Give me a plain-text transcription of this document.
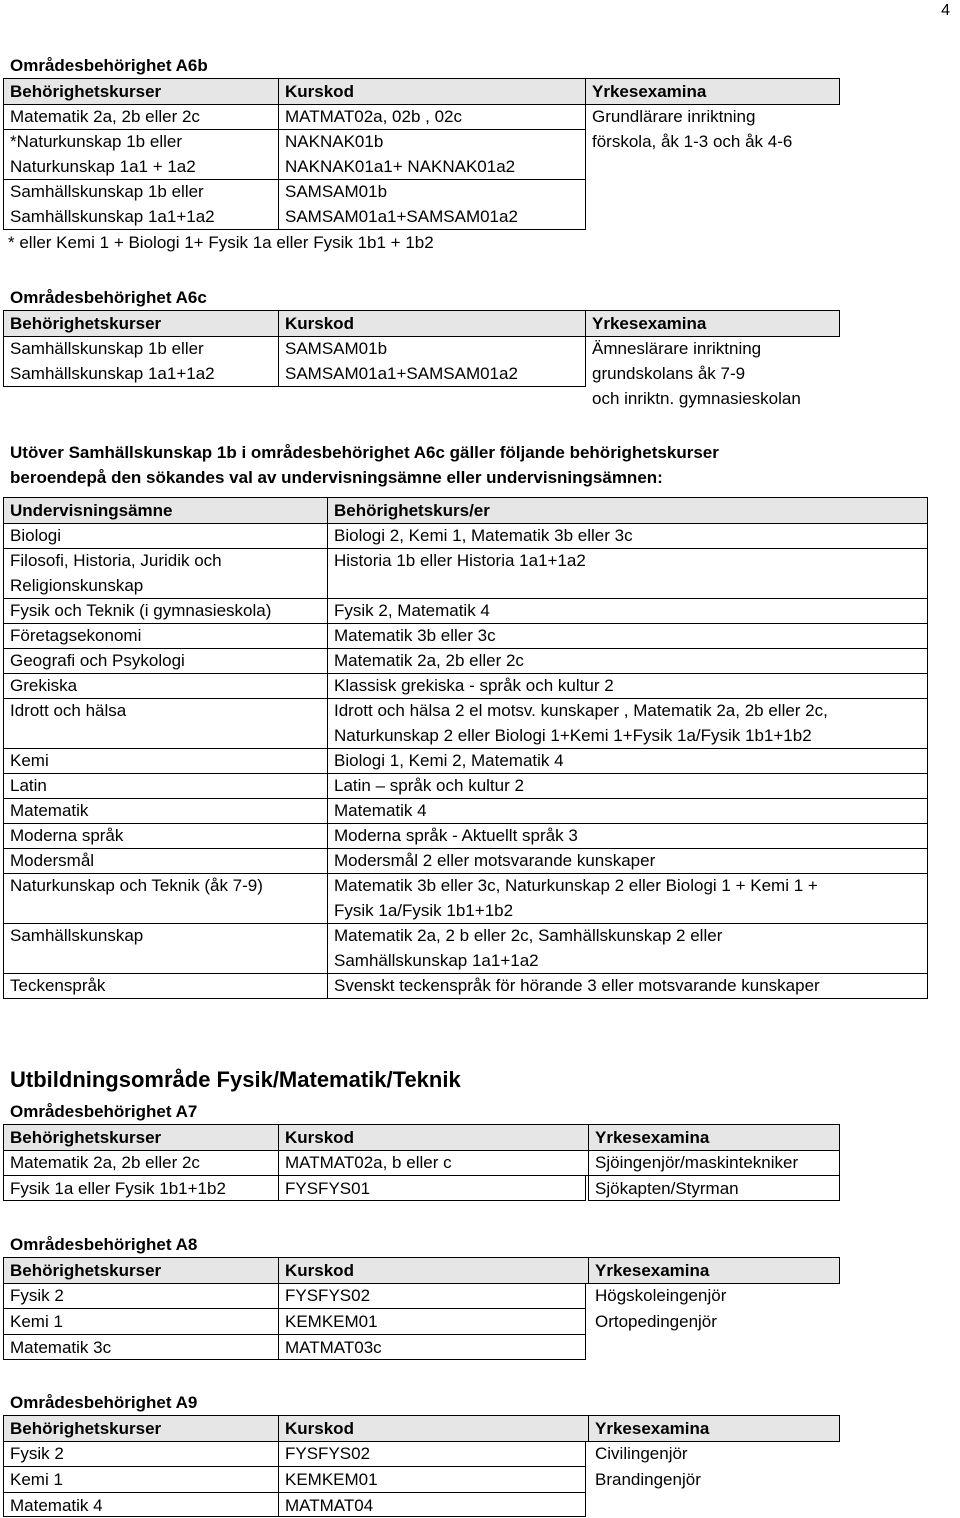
4
Områdesbehörighet A6b
Behörighetskurser	Kurskod	Yrkesexamina
Matematik 2a, 2b eller 2c	MATMAT02a, 02b , 02c	Grundlärare inriktning
*Naturkunskap 1b eller	NAKNAK01b	förskola, åk 1-3 och åk 4-6
Naturkunskap 1a1 + 1a2	NAKNAK01a1+ NAKNAK01a2
Samhällskunskap 1b eller	SAMSAM01b
Samhällskunskap 1a1+1a2	SAMSAM01a1+SAMSAM01a2
* eller Kemi 1 + Biologi 1+ Fysik 1a eller Fysik 1b1 + 1b2
Områdesbehörighet A6c
Behörighetskurser	Kurskod	Yrkesexamina
Samhällskunskap 1b eller	SAMSAM01b	Ämneslärare inriktning
Samhällskunskap 1a1+1a2	SAMSAM01a1+SAMSAM01a2	grundskolans åk 7-9
och inriktn. gymnasieskolan
Utöver Samhällskunskap 1b i områdesbehörighet A6c gäller följande behörighetskurser
beroendepå den sökandes val av undervisningsämne eller undervisningsämnen:
Undervisningsämne	Behörighetskurs/er
Biologi	Biologi 2, Kemi 1, Matematik 3b eller 3c
Filosofi, Historia, Juridik och
Religionskunskap
Historia 1b eller Historia 1a1+1a2
Fysik och Teknik (i gymnasieskola)	Fysik 2, Matematik 4
Företagsekonomi	Matematik 3b eller 3c
Geografi och Psykologi	Matematik 2a, 2b eller 2c
Grekiska	Klassisk grekiska - språk och kultur 2
Idrott och hälsa	Idrott och hälsa 2 el motsv. kunskaper , Matematik 2a, 2b eller 2c,
Naturkunskap 2 eller Biologi 1+Kemi 1+Fysik 1a/Fysik 1b1+1b2
Kemi	Biologi 1, Kemi 2, Matematik 4
Latin	Latin – språk och kultur 2
Matematik	Matematik 4
Moderna språk	Moderna språk - Aktuellt språk 3
Modersmål	Modersmål 2 eller motsvarande kunskaper
Naturkunskap och Teknik (åk 7-9)	Matematik 3b eller 3c, Naturkunskap 2 eller Biologi 1 + Kemi 1 +
Fysik 1a/Fysik 1b1+1b2
Samhällskunskap	Matematik 2a, 2 b eller 2c, Samhällskunskap 2 eller
Samhällskunskap 1a1+1a2
Teckenspråk	Svenskt teckenspråk för hörande 3 eller motsvarande kunskaper
Utbildningsområde Fysik/Matematik/Teknik
Områdesbehörighet A7
Behörighetskurser	Kurskod	Yrkesexamina
Matematik 2a, 2b eller 2c	MATMAT02a, b eller c	Sjöingenjör/maskintekniker
Fysik 1a eller Fysik 1b1+1b2	FYSFYS01	Sjökapten/Styrman
Områdesbehörighet A8
Behörighetskurser	Kurskod	Yrkesexamina
Fysik 2	FYSFYS02	Högskoleingenjör
Kemi 1	KEMKEM01	Ortopedingenjör
Matematik 3c	MATMAT03c
Områdesbehörighet A9
Behörighetskurser	Kurskod	Yrkesexamina
Fysik 2	FYSFYS02	Civilingenjör
Kemi 1	KEMKEM01	Brandingenjör
Matematik 4	MATMAT04
